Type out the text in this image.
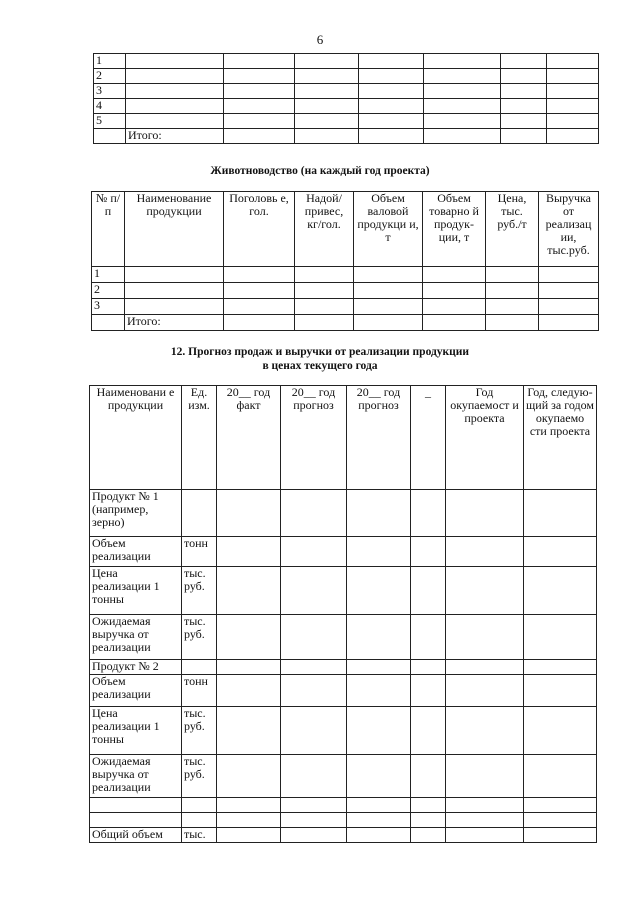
6
1							
2							
3							
4							
5							
	Итого:						
Животноводство (на каждый год проекта)
№ п/п	Наименование продукции	Поголовь е, гол.	Надой/ привес, кг/гол.	Объем валовой продукци и, т	Объем товарно й продук- ции, т	Цена, тыс. руб./т	Выручка от реализац ии, тыс.руб.
1							
2							
3							
	Итого:						
12. Прогноз продаж и выручки от реализации продукции
в ценах текущего года
Наименовани е продукции	Ед. изм.	20__ год факт	20__ год прогноз	20__ год прогноз	_	Год окупаемост и проекта	Год, следую- щий за годом окупаемо сти проекта
Продукт № 1 (например, зерно)							
Объем реализации	тонн						
Цена реализации 1 тонны	тыс. руб.						
Ожидаемая выручка от реализации	тыс. руб.						
Продукт № 2							
Объем реализации	тонн						
Цена реализации 1 тонны	тыс. руб.						
Ожидаемая выручка от реализации	тыс. руб.						

Общий объем	тыс.						
